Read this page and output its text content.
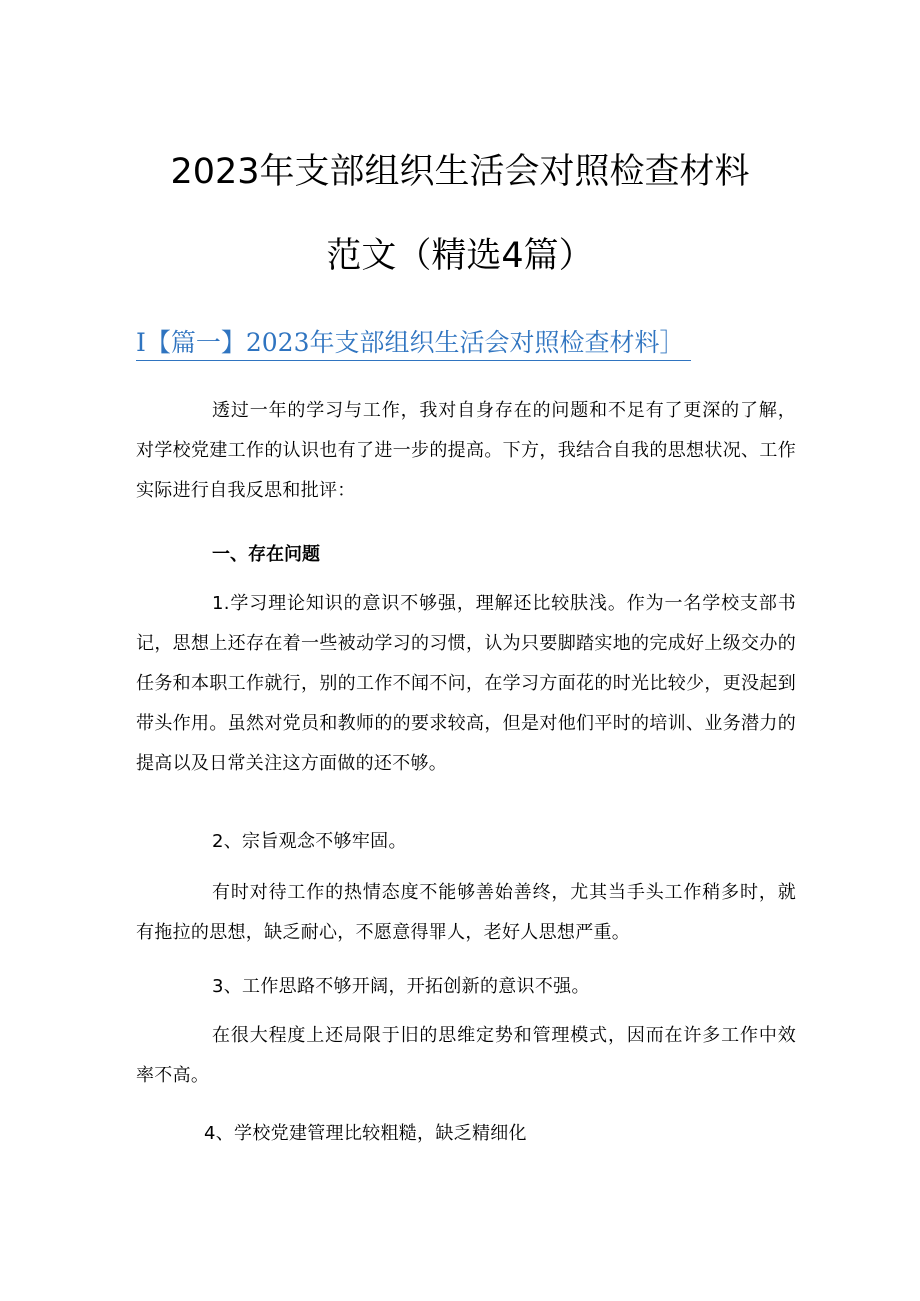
2023年支部组织生活会对照检查材料
范文（精选4篇）
I【篇一】2023年支部组织生活会对照检查材料］

透过一年的学习与工作，我对自身存在的问题和不足有了更深的了解，对学校党建工作的认识也有了进一步的提高。下方，我结合自我的思想状况、工作实际进行自我反思和批评：

一、存在问题

1.学习理论知识的意识不够强，理解还比较肤浅。作为一名学校支部书记，思想上还存在着一些被动学习的习惯，认为只要脚踏实地的完成好上级交办的任务和本职工作就行，别的工作不闻不问，在学习方面花的时光比较少，更没起到带头作用。虽然对党员和教师的的要求较高，但是对他们平时的培训、业务潜力的提高以及日常关注这方面做的还不够。

2、宗旨观念不够牢固。

有时对待工作的热情态度不能够善始善终，尤其当手头工作稍多时，就有拖拉的思想，缺乏耐心，不愿意得罪人，老好人思想严重。

3、工作思路不够开阔，开拓创新的意识不强。

在很大程度上还局限于旧的思维定势和管理模式，因而在许多工作中效率不高。

4、学校党建管理比较粗糙，缺乏精细化
